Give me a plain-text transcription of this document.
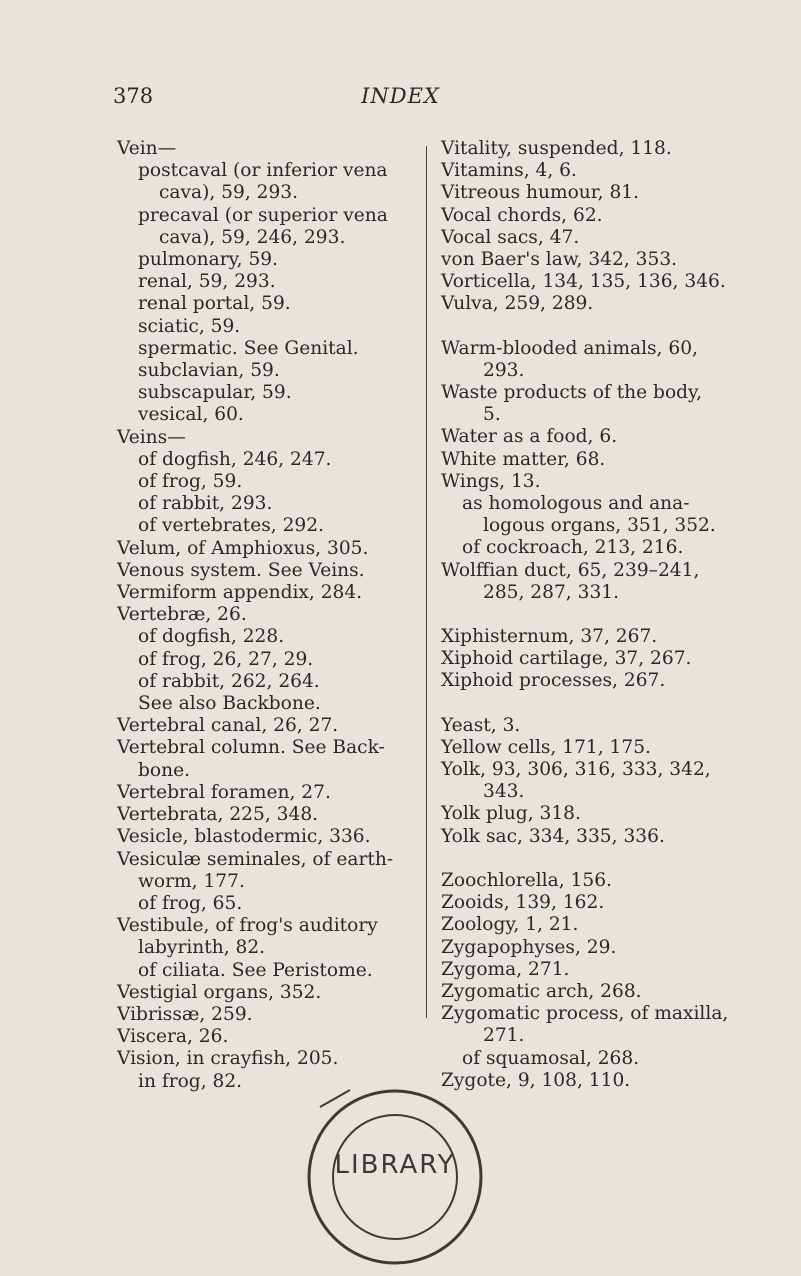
378	INDEX
Vein—
postcaval (or inferior vena
cava), 59, 293.
precaval (or superior vena
cava), 59, 246, 293.
pulmonary, 59.
renal, 59, 293.
renal portal, 59.
sciatic, 59.
spermatic. See Genital.
subclavian, 59.
subscapular, 59.
vesical, 60.
Veins—
of dogfish, 246, 247.
of frog, 59.
of rabbit, 293.
of vertebrates, 292.
Velum, of Amphioxus, 305.
Venous system. See Veins.
Vermiform appendix, 284.
Vertebræ, 26.
of dogfish, 228.
of frog, 26, 27, 29.
of rabbit, 262, 264.
See also Backbone.
Vertebral canal, 26, 27.
Vertebral column. See Back-
bone.
Vertebral foramen, 27.
Vertebrata, 225, 348.
Vesicle, blastodermic, 336.
Vesiculæ seminales, of earth-
worm, 177.
of frog, 65.
Vestibule, of frog's auditory
labyrinth, 82.
of ciliata. See Peristome.
Vestigial organs, 352.
Vibrissæ, 259.
Viscera, 26.
Vision, in crayfish, 205.
in frog, 82.
Vitality, suspended, 118.
Vitamins, 4, 6.
Vitreous humour, 81.
Vocal chords, 62.
Vocal sacs, 47.
von Baer's law, 342, 353.
Vorticella, 134, 135, 136, 346.
Vulva, 259, 289.
Warm-blooded animals, 60,
293.
Waste products of the body,
5.
Water as a food, 6.
White matter, 68.
Wings, 13.
as homologous and ana-
logous organs, 351, 352.
of cockroach, 213, 216.
Wolffian duct, 65, 239–241,
285, 287, 331.
Xiphisternum, 37, 267.
Xiphoid cartilage, 37, 267.
Xiphoid processes, 267.
Yeast, 3.
Yellow cells, 171, 175.
Yolk, 93, 306, 316, 333, 342,
343.
Yolk plug, 318.
Yolk sac, 334, 335, 336.
Zoochlorella, 156.
Zooids, 139, 162.
Zoology, 1, 21.
Zygapophyses, 29.
Zygoma, 271.
Zygomatic arch, 268.
Zygomatic process, of maxilla,
271.
of squamosal, 268.
Zygote, 9, 108, 110.
LIBRARY
